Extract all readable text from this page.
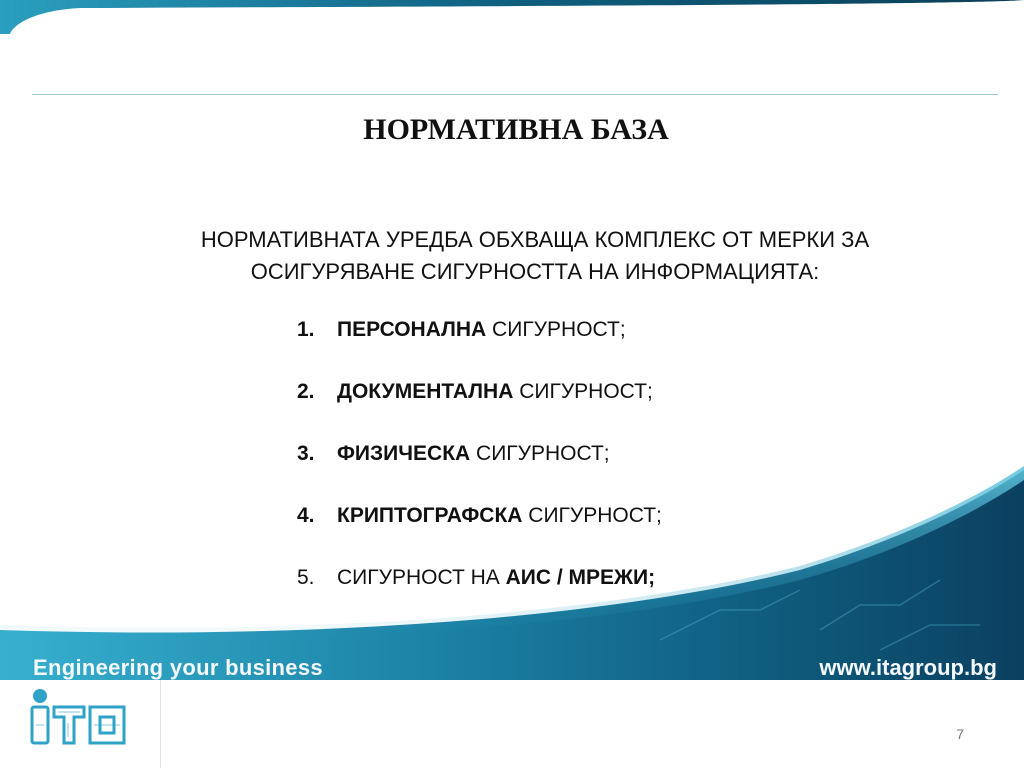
НОРМАТИВНА БАЗА
НОРМАТИВНАТА УРЕДБА ОБХВАЩА КОМПЛЕКС ОТ МЕРКИ ЗА
ОСИГУРЯВАНЕ СИГУРНОСТТА НА ИНФОРМАЦИЯТА:
1.	ПЕРСОНАЛНА СИГУРНОСТ;
2.	ДОКУМЕНТАЛНА СИГУРНОСТ;
3.	ФИЗИЧЕСКА СИГУРНОСТ;
4.	КРИПТОГРАФСКА СИГУРНОСТ;
5.	СИГУРНОСТ НА АИС / МРЕЖИ;
Engineering your business	www.itagroup.bg
7
